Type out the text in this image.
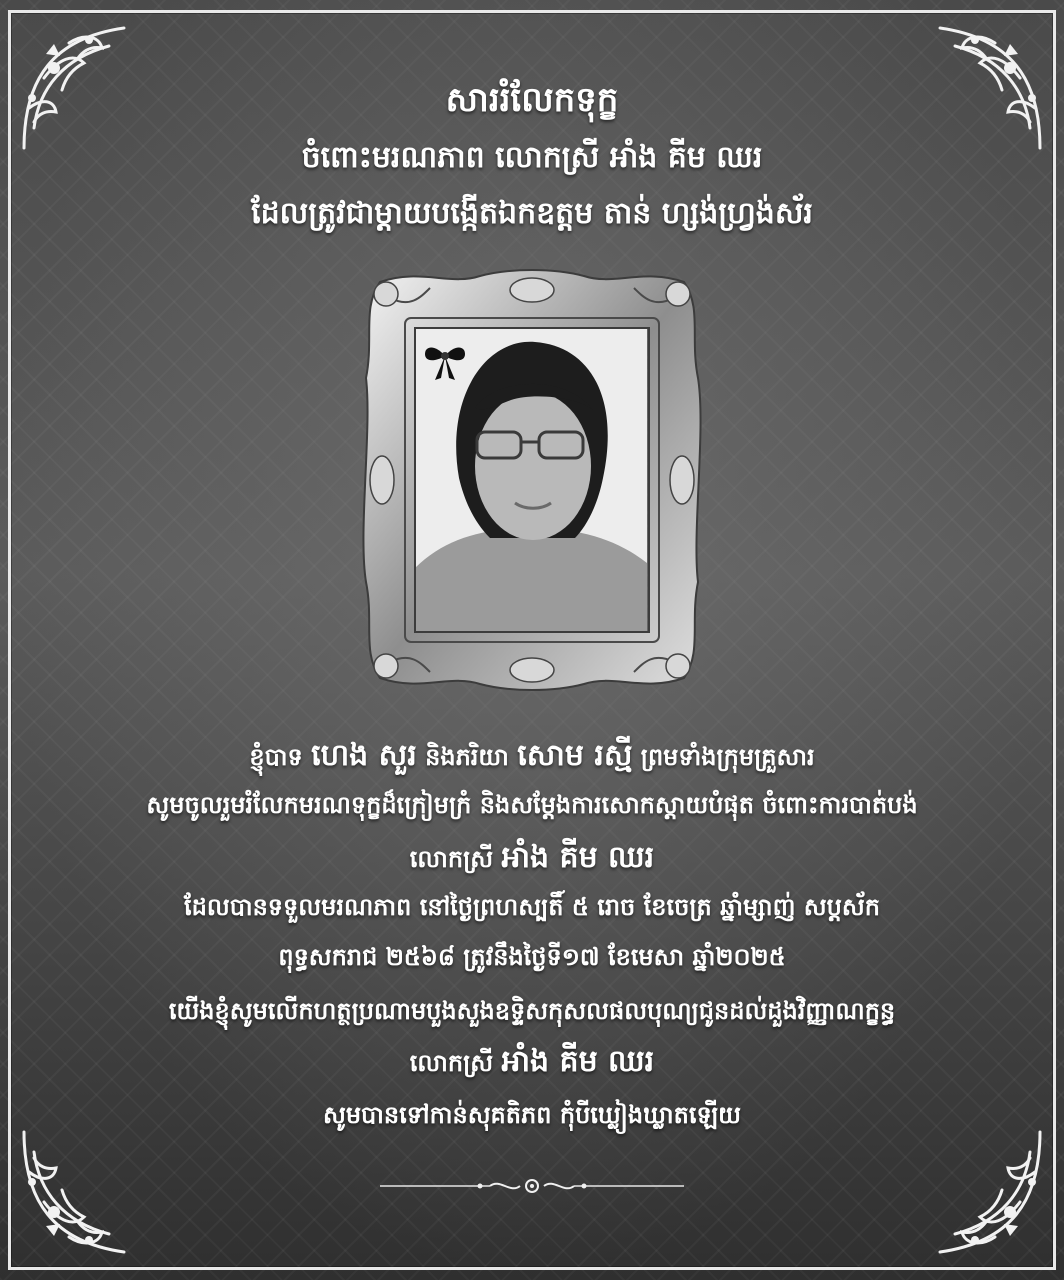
សាររំលែកទុក្ខ
ចំពោះមរណភាព លោកស្រី អាំង គីម ឈរ
ដែលត្រូវជាម្តាយបង្កើតឯកឧត្តម តាន់ ហ្សង់ហ្វ្រង់ស័រ
ខ្ញុំបាទ ហេង សួរ និងភរិយា សោម រស្មី ព្រមទាំងក្រុមគ្រួសារ
សូមចូលរួមរំលែកមរណទុក្ខដ៏ក្រៀមក្រំ និងសម្តែងការសោកស្តាយបំផុត ចំពោះការបាត់បង់
លោកស្រី អាំង គីម ឈរ
ដែលបានទទួលមរណភាព នៅថ្ងៃព្រហស្បតិ៍ ៥ រោច ខែចេត្រ ឆ្នាំម្សាញ់ សប្តស័ក
ពុទ្ធសករាជ ២៥៦៨ ត្រូវនឹងថ្ងៃទី១៧ ខែមេសា ឆ្នាំ២០២៥
យើងខ្ញុំសូមលើកហត្ថប្រណាមបួងសួងឧទ្ទិសកុសលផលបុណ្យជូនដល់ដួងវិញ្ញាណក្ខន្ធ
លោកស្រី អាំង គីម ឈរ
សូមបានទៅកាន់សុគតិភព កុំបីឃ្លៀងឃ្លាតឡើយ
